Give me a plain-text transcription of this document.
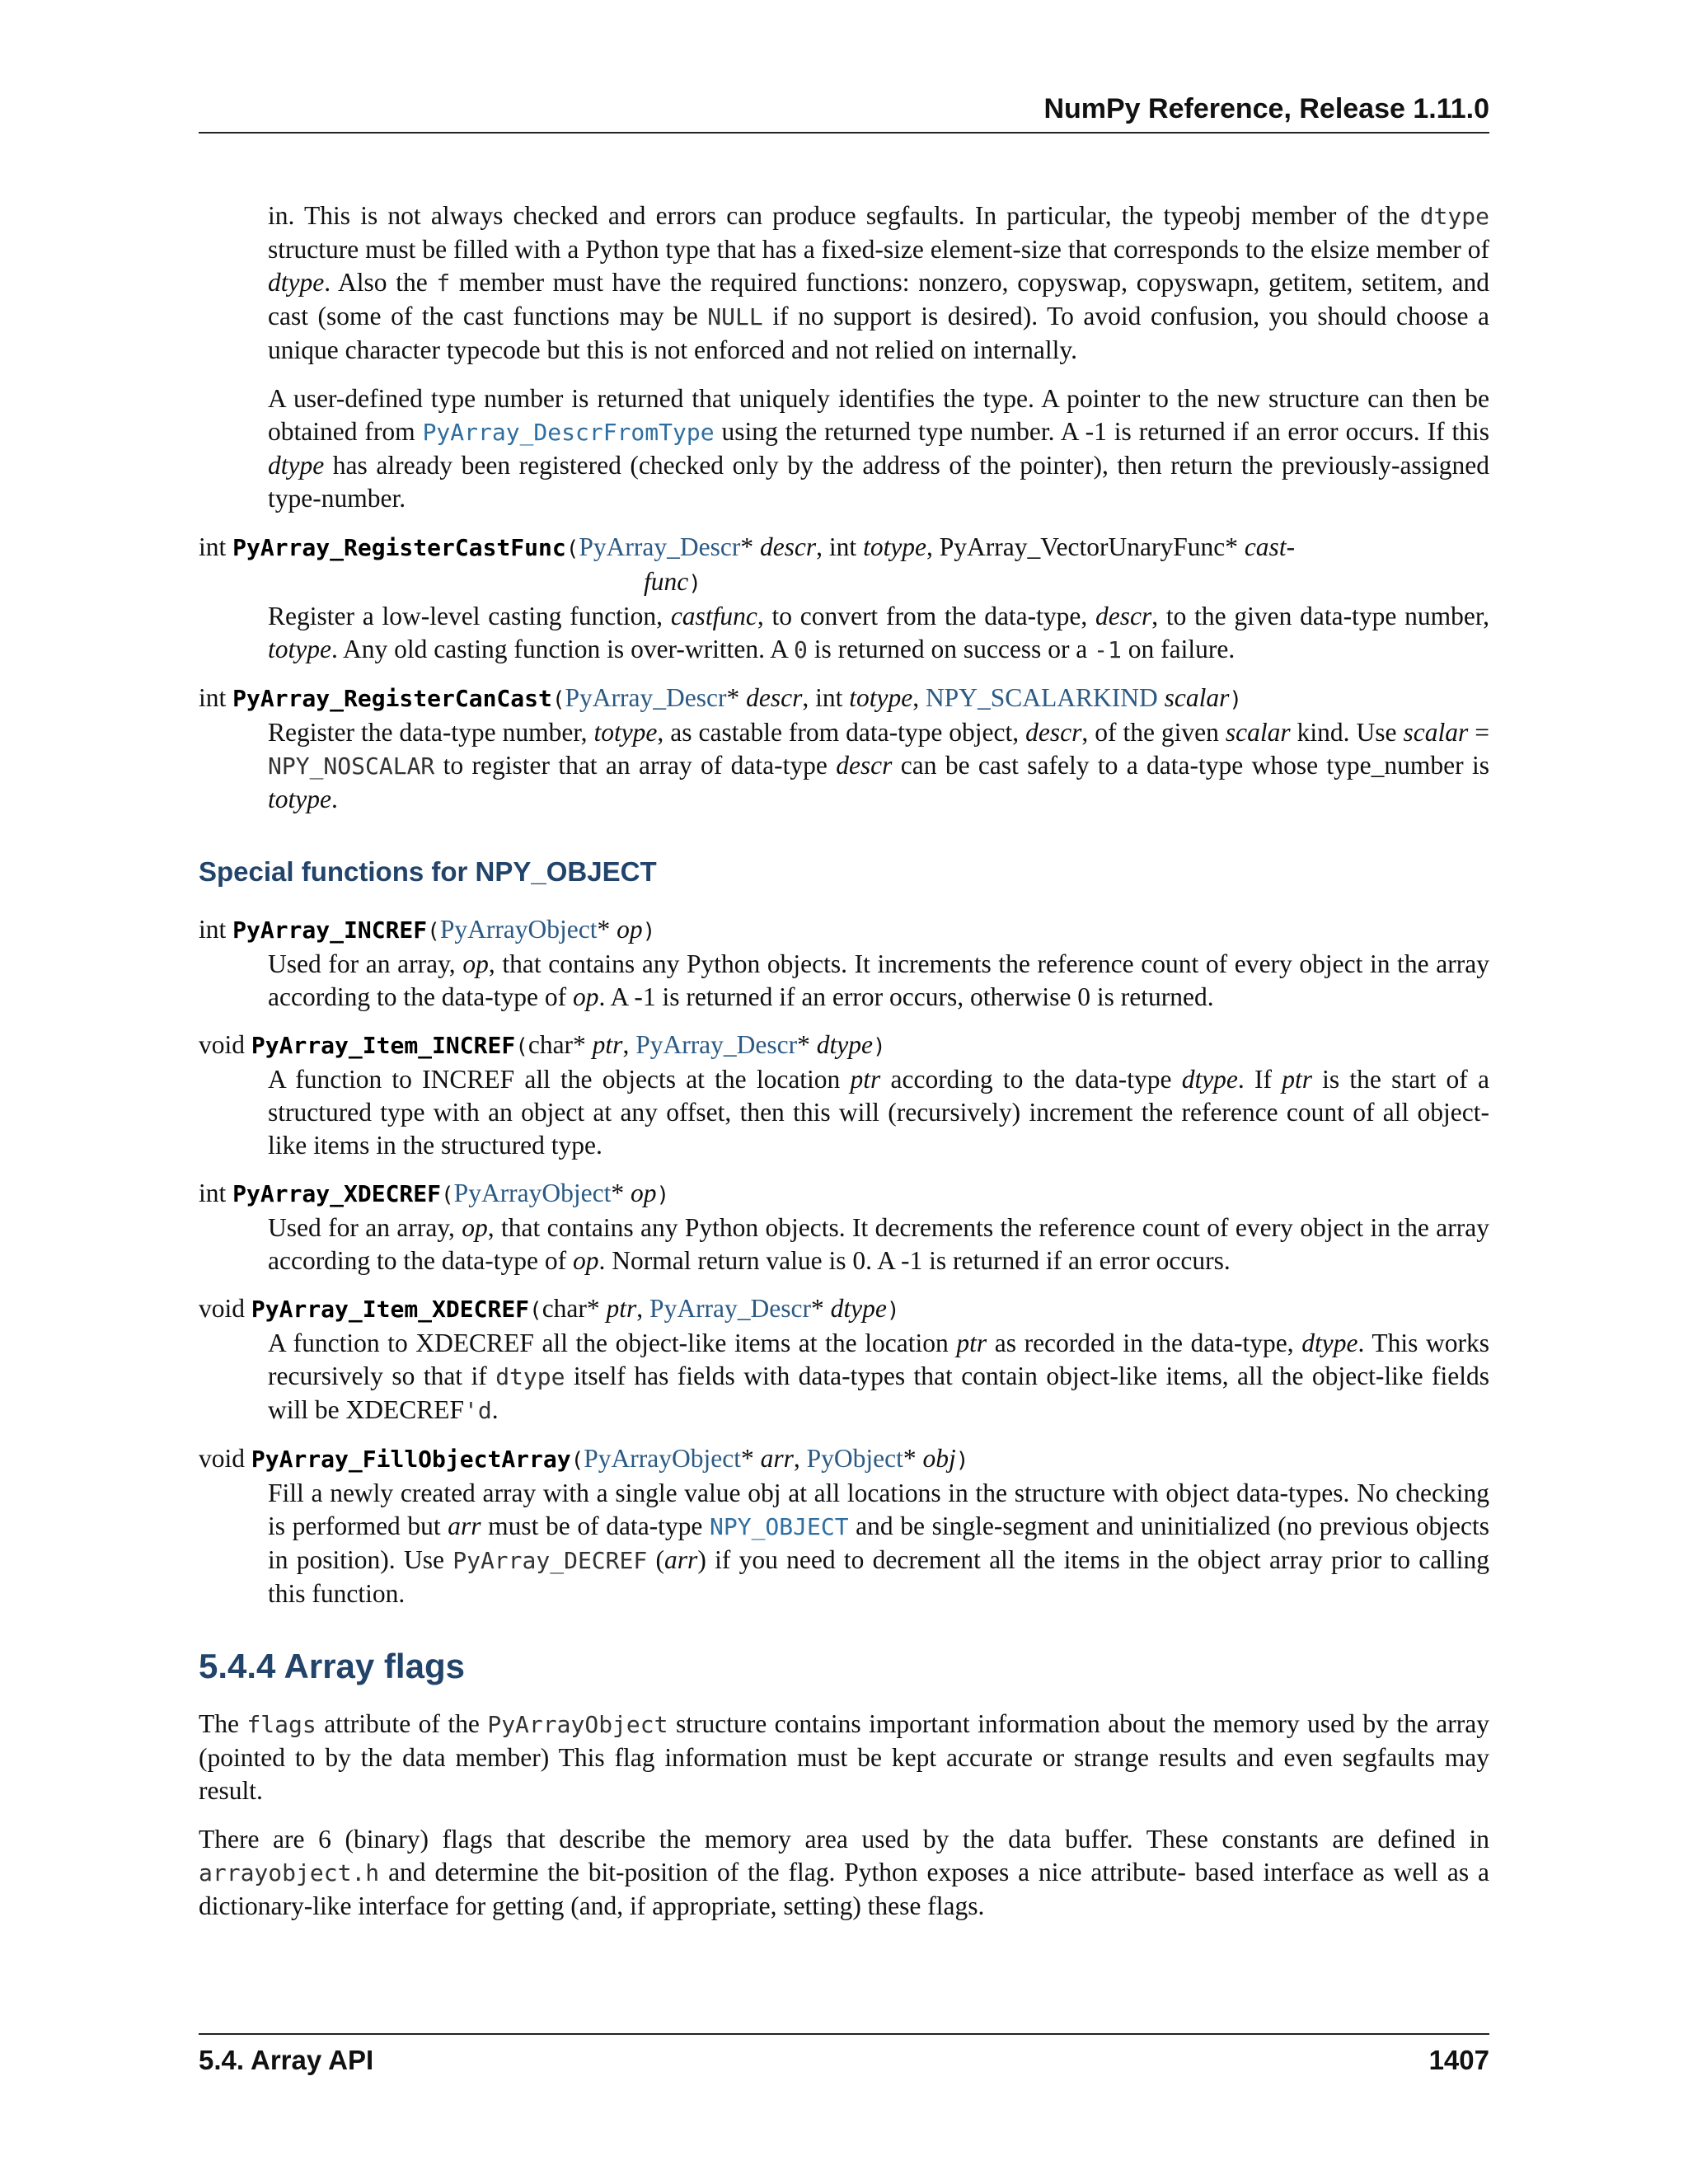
NumPy Reference, Release 1.11.0

in. This is not always checked and errors can produce segfaults. In particular, the typeobj member of the dtype structure must be filled with a Python type that has a fixed-size element-size that corresponds to the elsize member of dtype. Also the f member must have the required functions: nonzero, copyswap, copyswapn, getitem, setitem, and cast (some of the cast functions may be NULL if no support is desired). To avoid confusion, you should choose a unique character typecode but this is not enforced and not relied on internally.

A user-defined type number is returned that uniquely identifies the type. A pointer to the new structure can then be obtained from PyArray_DescrFromType using the returned type number. A -1 is returned if an error occurs. If this dtype has already been registered (checked only by the address of the pointer), then return the previously-assigned type-number.

int PyArray_RegisterCastFunc(PyArray_Descr* descr, int totype, PyArray_VectorUnaryFunc* cast-
func)

Register a low-level casting function, castfunc, to convert from the data-type, descr, to the given data-type number, totype. Any old casting function is over-written. A 0 is returned on success or a -1 on failure.

int PyArray_RegisterCanCast(PyArray_Descr* descr, int totype, NPY_SCALARKIND scalar)

Register the data-type number, totype, as castable from data-type object, descr, of the given scalar kind. Use scalar = NPY_NOSCALAR to register that an array of data-type descr can be cast safely to a data-type whose type_number is totype.

Special functions for NPY_OBJECT
int PyArray_INCREF(PyArrayObject* op)

Used for an array, op, that contains any Python objects. It increments the reference count of every object in the array according to the data-type of op. A -1 is returned if an error occurs, otherwise 0 is returned.

void PyArray_Item_INCREF(char* ptr, PyArray_Descr* dtype)

A function to INCREF all the objects at the location ptr according to the data-type dtype. If ptr is the start of a structured type with an object at any offset, then this will (recursively) increment the reference count of all object-like items in the structured type.

int PyArray_XDECREF(PyArrayObject* op)

Used for an array, op, that contains any Python objects. It decrements the reference count of every object in the array according to the data-type of op. Normal return value is 0. A -1 is returned if an error occurs.

void PyArray_Item_XDECREF(char* ptr, PyArray_Descr* dtype)

A function to XDECREF all the object-like items at the location ptr as recorded in the data-type, dtype. This works recursively so that if dtype itself has fields with data-types that contain object-like items, all the object-like fields will be XDECREF'd.

void PyArray_FillObjectArray(PyArrayObject* arr, PyObject* obj)

Fill a newly created array with a single value obj at all locations in the structure with object data-types. No checking is performed but arr must be of data-type NPY_OBJECT and be single-segment and uninitialized (no previous objects in position). Use PyArray_DECREF (arr) if you need to decrement all the items in the object array prior to calling this function.

5.4.4 Array flags

The flags attribute of the PyArrayObject structure contains important information about the memory used by the array (pointed to by the data member) This flag information must be kept accurate or strange results and even segfaults may result.

There are 6 (binary) flags that describe the memory area used by the data buffer. These constants are defined in arrayobject.h and determine the bit-position of the flag. Python exposes a nice attribute- based interface as well as a dictionary-like interface for getting (and, if appropriate, setting) these flags.

5.4. Array API	1407
